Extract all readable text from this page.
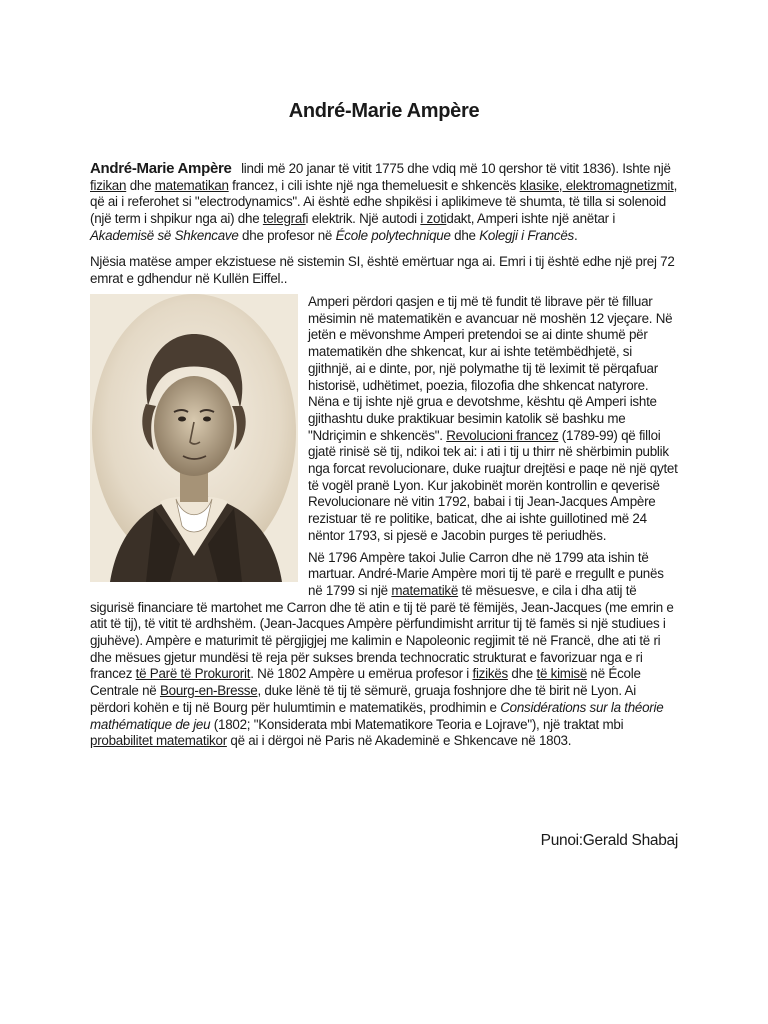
André-Marie Ampère

André-Marie Ampère lindi më 20 janar të vitit 1775 dhe vdiq më 10 qershor të vitit 1836). Ishte një fizikan dhe matematikan francez, i cili ishte një nga themeluesit e shkencës klasike, elektromagnetizmit, që ai i referohet si "electrodynamics". Ai është edhe shpikësi i aplikimeve të shumta, të tilla si solenoid (një term i shpikur nga ai) dhe telegrafi elektrik. Një autodi i zotidakt, Amperi ishte një anëtar i Akademisë së Shkencave dhe profesor në École polytechnique dhe Kolegji i Francës.

Njësia matëse amper ekzistuese në sistemin SI, është emërtuar nga ai. Emri i tij është edhe një prej 72 emrat e gdhendur në Kullën Eiffel..

Amperi përdori qasjen e tij më të fundit të librave për të filluar mësimin në matematikën e avancuar në moshën 12 vjeçare. Në jetën e mëvonshme Amperi pretendoi se ai dinte shumë për matematikën dhe shkencat, kur ai ishte tetëmbëdhjetë, si gjithnjë, ai e dinte, por, një polymathe tij të leximit të përqafuar historisë, udhëtimet, poezia, filozofia dhe shkencat natyrore. Nëna e tij ishte një grua e devotshme, kështu që Amperi ishte gjithashtu duke praktikuar besimin katolik së bashku me "Ndriçimin e shkencës". Revolucioni francez (1789-99) që filloi gjatë rinisë së tij, ndikoi tek ai: i ati i tij u thirr në shërbimin publik nga forcat revolucionare, duke ruajtur drejtësi e paqe në një qytet të vogël pranë Lyon. Kur jakobinët morën kontrollin e qeverisë Revolucionare në vitin 1792, babai i tij Jean-Jacques Ampère rezistuar të re politike, baticat, dhe ai ishte guillotined më 24 nëntor 1793, si pjesë e Jacobin purges të periudhës.

Në 1796 Ampère takoi Julie Carron dhe në 1799 ata ishin të martuar. André-Marie Ampère mori tij të parë e rregullt e punës në 1799 si një matematikë të mësuesve, e cila i dha atij të sigurisë financiare të martohet me Carron dhe të atin e tij të parë të fëmijës, Jean-Jacques (me emrin e atit të tij), të vitit të ardhshëm. (Jean-Jacques Ampère përfundimisht arritur tij të famës si një studiues i gjuhëve). Ampère e maturimit të përgjigjej me kalimin e Napoleonic regjimit të në Francë, dhe ati të ri dhe mësues gjetur mundësi të reja për sukses brenda technocratic strukturat e favorizuar nga e ri francez të Parë të Prokurorit. Në 1802 Ampère u emërua profesor i fizikës dhe të kimisë në École Centrale në Bourg-en-Bresse, duke lënë të tij të sëmurë, gruaja foshnjore dhe të birit në Lyon. Ai përdori kohën e tij në Bourg për hulumtimin e matematikës, prodhimin e Considérations sur la théorie mathématique de jeu (1802; "Konsiderata mbi Matematikore Teoria e Lojrave"), një traktat mbi probabilitet matematikor që ai i dërgoi në Paris në Akademinë e Shkencave në 1803.

Punoi:Gerald Shabaj
